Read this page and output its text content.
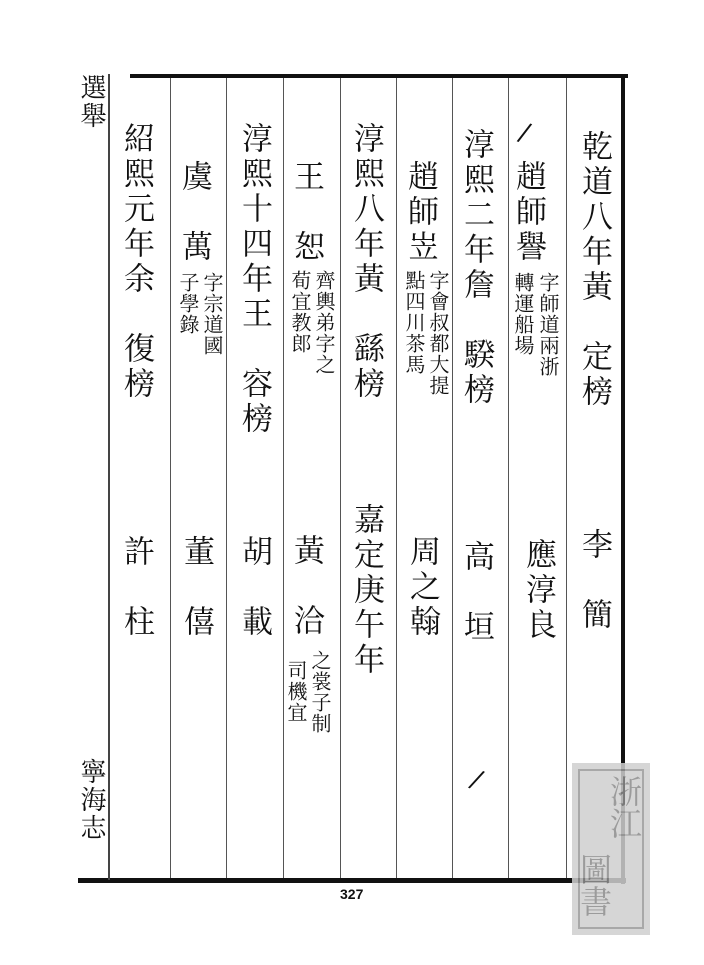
選舉
寧海志
乾道八年黃　定榜
李　簡
趙師譽
字師道兩浙
轉運船場
應淳良
淳熙二年詹　騤榜
高　垣
趙師岦
字會叔都大提
點四川茶馬
周之翰
淳熙八年黃　繇榜
嘉定庚午年
王　恕
齊輿弟字之
荀宜教郎
黃　洽
之裳子制
司機宜
淳熙十四年王　容榜
胡　載
虞　萬
字宗道國
子學錄
董　僖
紹熙元年余　復榜
許　柱
/
/
327
浙江
圖書
